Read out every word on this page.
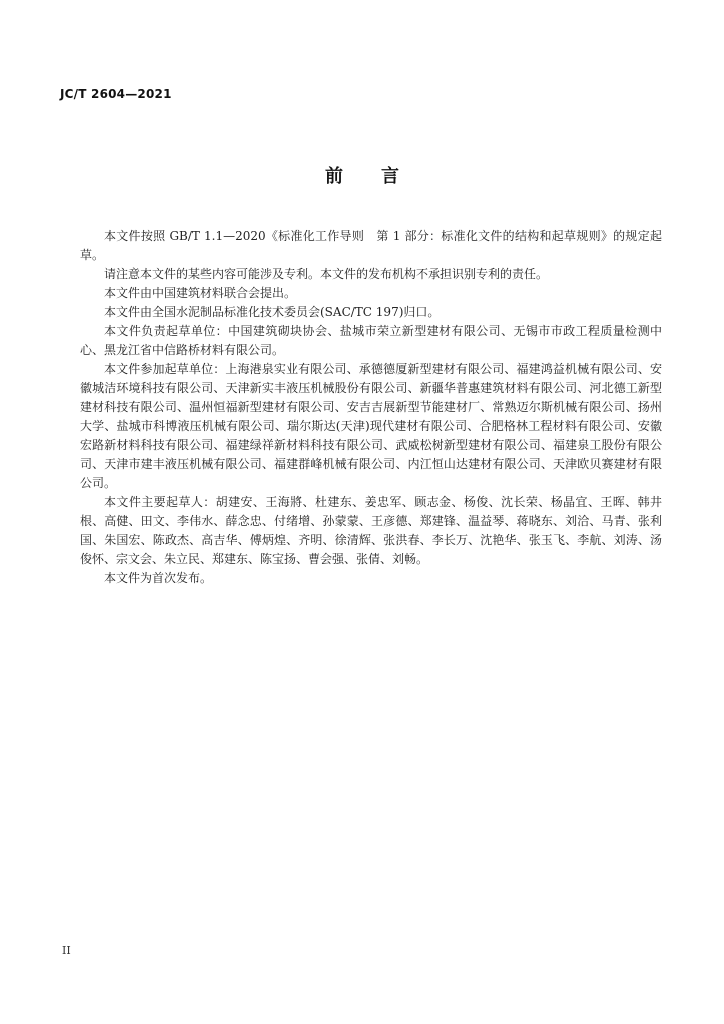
JC/T 2604—2021
前言

本文件按照 GB/T 1.1—2020《标准化工作导则　第 1 部分：标准化文件的结构和起草规则》的规定起草。

请注意本文件的某些内容可能涉及专利。本文件的发布机构不承担识别专利的责任。

本文件由中国建筑材料联合会提出。

本文件由全国水泥制品标准化技术委员会(SAC/TC 197)归口。

本文件负责起草单位：中国建筑砌块协会、盐城市荣立新型建材有限公司、无锡市市政工程质量检测中心、黑龙江省中信路桥材料有限公司。

本文件参加起草单位：上海港泉实业有限公司、承德德厦新型建材有限公司、福建鸿益机械有限公司、安徽城洁环境科技有限公司、天津新实丰液压机械股份有限公司、新疆华普惠建筑材料有限公司、河北德工新型建材科技有限公司、温州恒福新型建材有限公司、安吉吉展新型节能建材厂、常熟迈尔斯机械有限公司、扬州大学、盐城市科博液压机械有限公司、瑞尔斯达(天津)现代建材有限公司、合肥格林工程材料有限公司、安徽宏路新材料科技有限公司、福建绿祥新材料科技有限公司、武威松树新型建材有限公司、福建泉工股份有限公司、天津市建丰液压机械有限公司、福建群峰机械有限公司、内江恒山达建材有限公司、天津欧贝赛建材有限公司。

本文件主要起草人：胡建安、王海將、杜建东、姜忠军、顾志金、杨俊、沈长荣、杨晶宜、王晖、韩井根、高健、田文、李伟水、薛念忠、付绪增、孙蒙蒙、王彦德、郑建锋、温益琴、蒋晓东、刘洽、马青、张利国、朱国宏、陈政杰、高吉华、傅炳煌、齐明、徐清辉、张洪春、李长万、沈艳华、张玉飞、李航、刘涛、汤俊怀、宗文会、朱立民、郑建东、陈宝扬、曹会强、张倩、刘畅。

本文件为首次发布。

II
